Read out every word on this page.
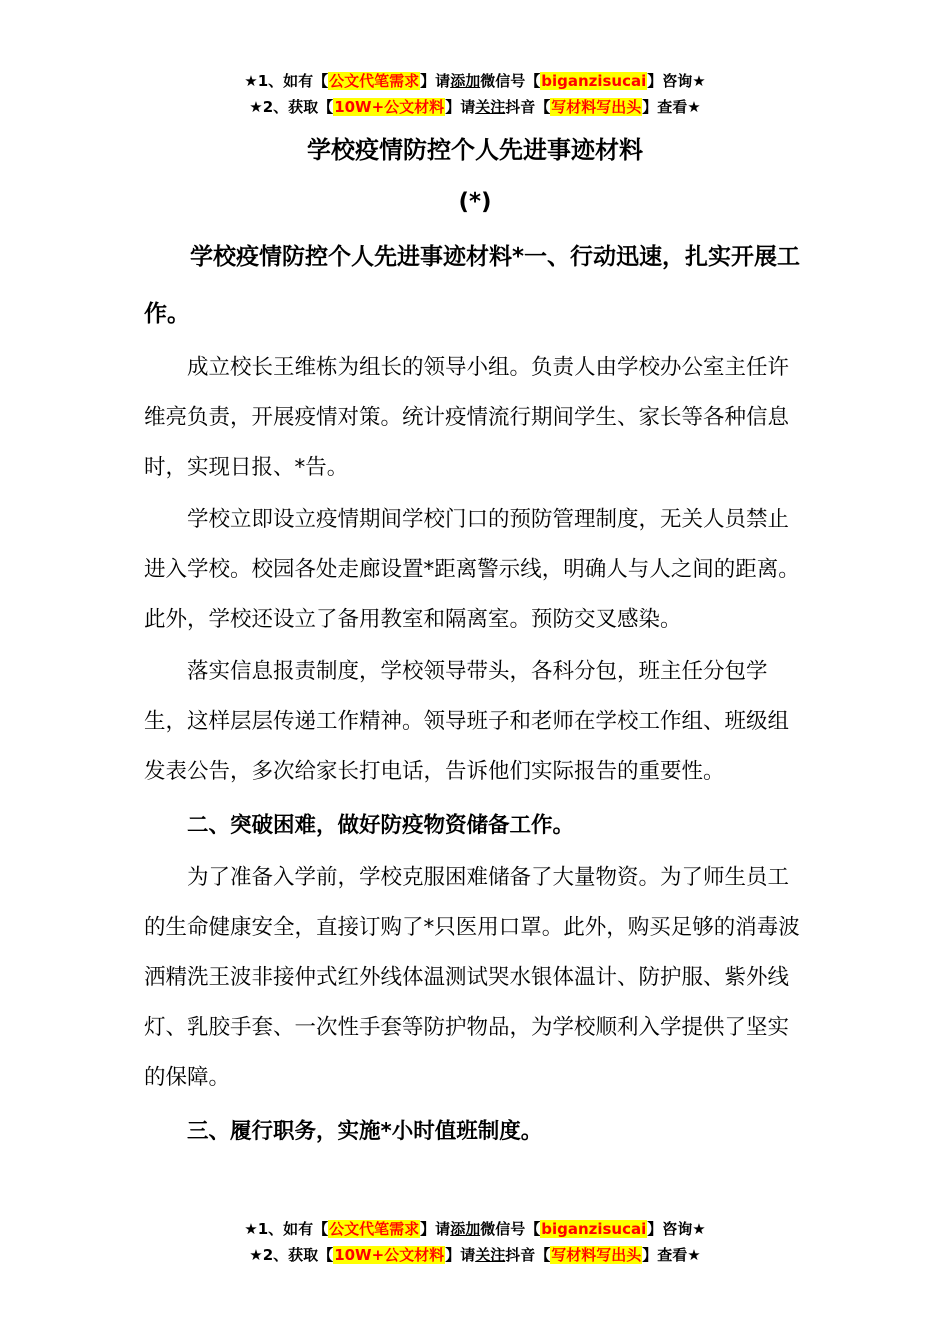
★1、如有【公文代笔需求】请添加微信号【biganzisucai】咨询★
★2、获取【10W+公文材料】请关注抖音【写材料写出头】查看★
学校疫情防控个人先进事迹材料
(*)

学校疫情防控个人先进事迹材料*一、行动迅速，扎实开展工作。

成立校长王维栋为组长的领导小组。负责人由学校办公室主任许维亮负责，开展疫情对策。统计疫情流行期间学生、家长等各种信息时，实现日报、*告。

学校立即设立疫情期间学校门口的预防管理制度，无关人员禁止进入学校。校园各处走廊设置*距离警示线，明确人与人之间的距离。此外，学校还设立了备用教室和隔离室。预防交叉感染。

落实信息报责制度，学校领导带头，各科分包，班主任分包学生，这样层层传递工作精神。领导班子和老师在学校工作组、班级组发表公告，多次给家长打电话，告诉他们实际报告的重要性。

二、突破困难，做好防疫物资储备工作。

为了准备入学前，学校克服困难储备了大量物资。为了师生员工的生命健康安全，直接订购了*只医用口罩。此外，购买足够的消毒波洒精洗王波非接仲式红外线体温测试哭水银体温计、防护服、紫外线灯、乳胶手套、一次性手套等防护物品，为学校顺利入学提供了坚实的保障。

三、履行职务，实施*小时值班制度。

★1、如有【公文代笔需求】请添加微信号【biganzisucai】咨询★
★2、获取【10W+公文材料】请关注抖音【写材料写出头】查看★
